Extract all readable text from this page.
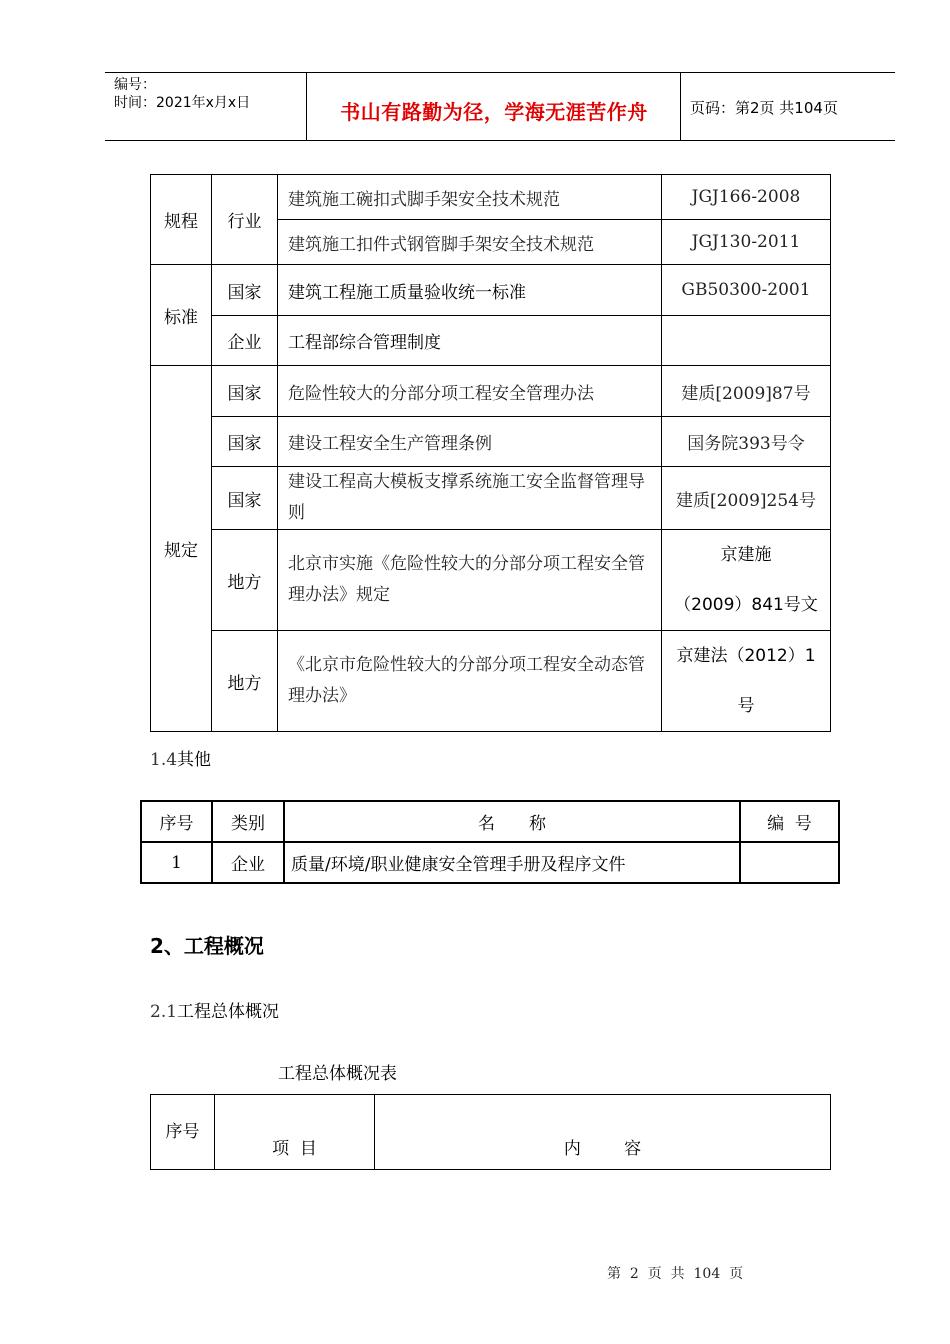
编号：
时间：2021年x月x日	书山有路勤为径，学海无涯苦作舟	页码：第2页 共104页
规程	行业	建筑施工碗扣式脚手架安全技术规范	JGJ166-2008
		建筑施工扣件式钢管脚手架安全技术规范	JGJ130-2011
标准	国家	建筑工程施工质量验收统一标准	GB50300-2001
	企业	工程部综合管理制度	
规定	国家	危险性较大的分部分项工程安全管理办法	建质[2009]87号
	国家	建设工程安全生产管理条例	国务院393号令
	国家	建设工程高大模板支撑系统施工安全监督管理导则	建质[2009]254号
	地方	北京市实施《危险性较大的分部分项工程安全管理办法》规定	京建施
（2009）841号文

	地方	《北京市危险性较大的分部分项工程安全动态管理办法》	京建法（2012）1
号
1.4其他
序号	类别	名　　称	编  号
1	企业	质量/环境/职业健康安全管理手册及程序文件	
2、工程概况
2.1工程总体概况
工程总体概况表
序号	项  目	内        容
第  2  页  共  104  页
